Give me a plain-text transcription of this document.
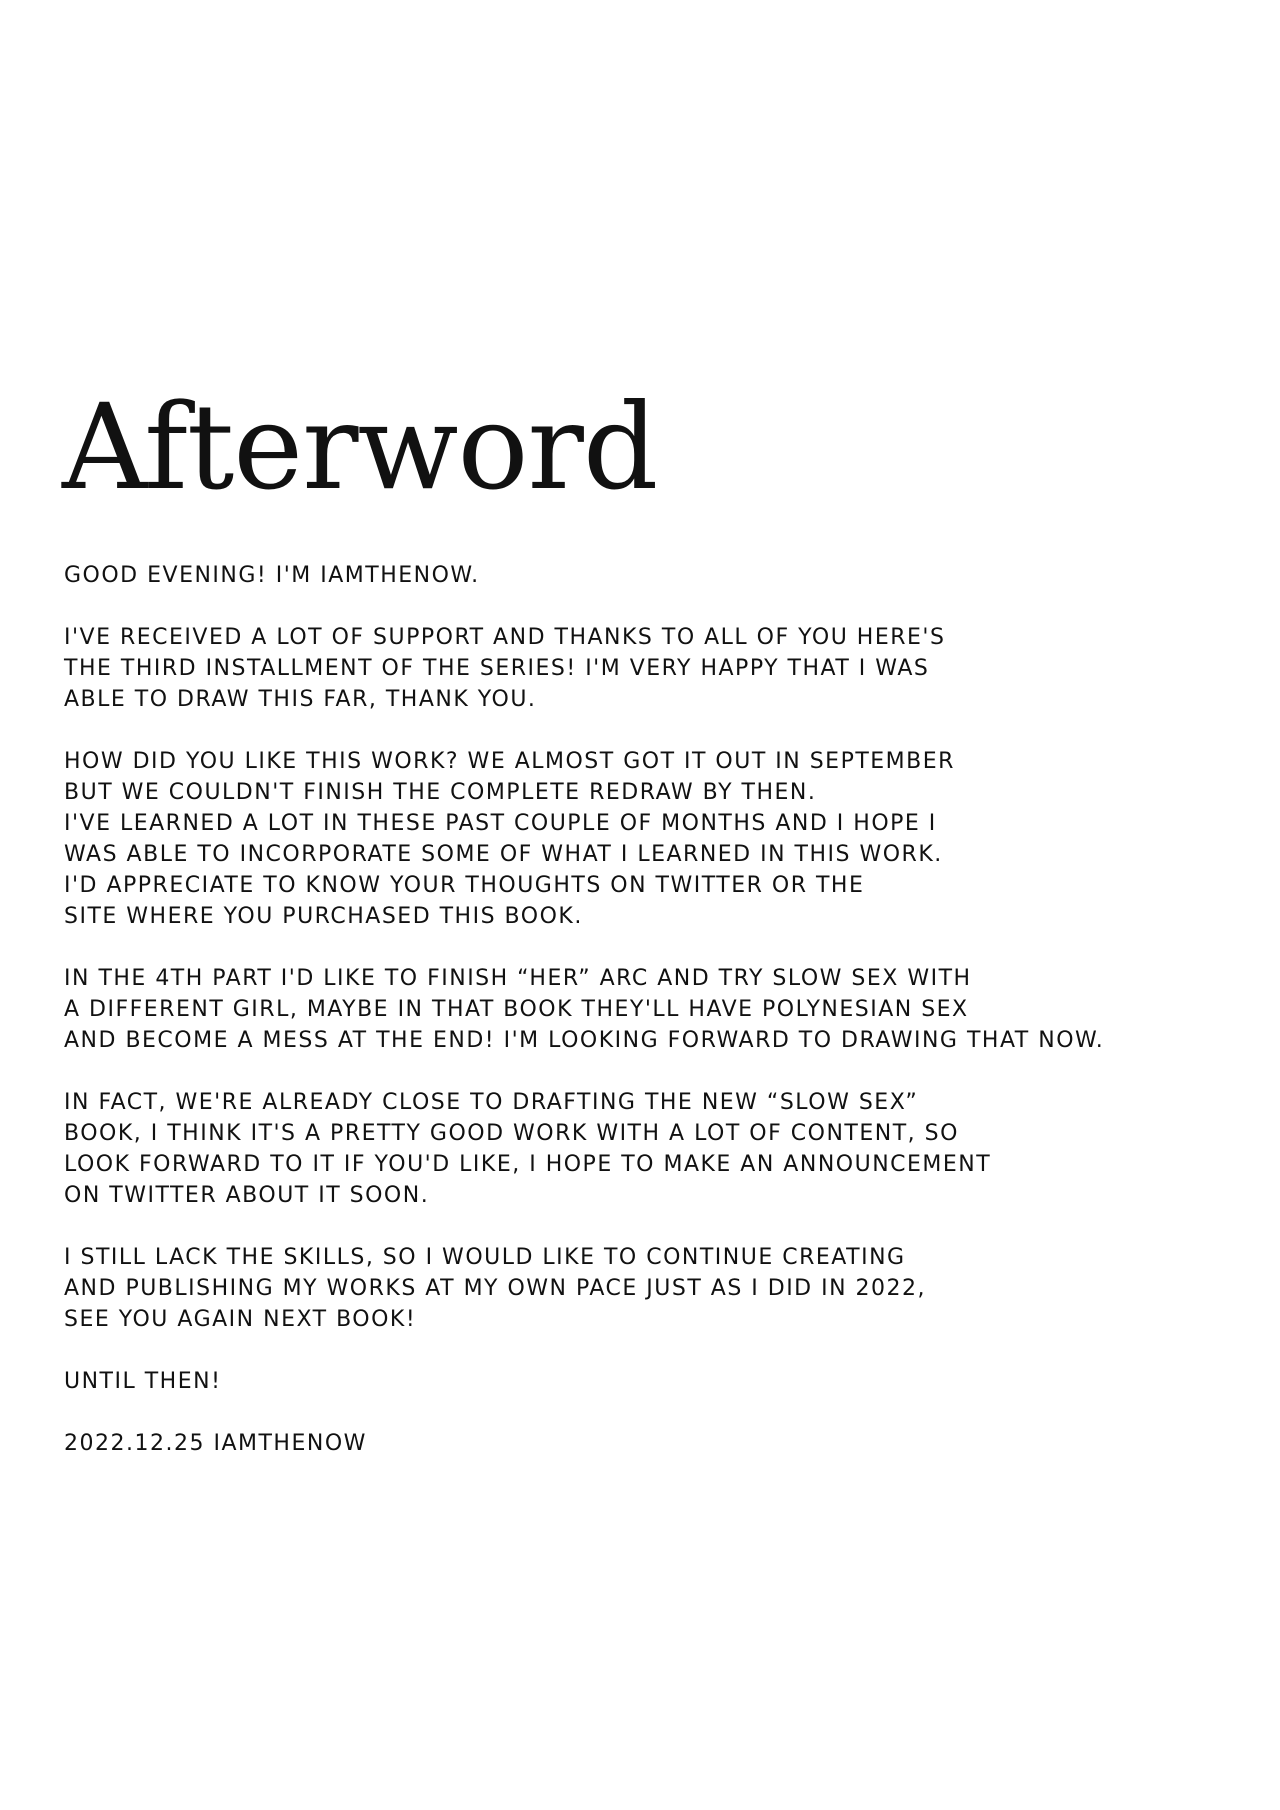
Afterword

GOOD EVENING! I'M IAMTHENOW.

I'VE RECEIVED A LOT OF SUPPORT AND THANKS TO ALL OF YOU HERE'S
THE THIRD INSTALLMENT OF THE SERIES! I'M VERY HAPPY THAT I WAS
ABLE TO DRAW THIS FAR, THANK YOU.

HOW DID YOU LIKE THIS WORK? WE ALMOST GOT IT OUT IN SEPTEMBER
BUT WE COULDN'T FINISH THE COMPLETE REDRAW BY THEN.
I'VE LEARNED A LOT IN THESE PAST COUPLE OF MONTHS AND I HOPE I
WAS ABLE TO INCORPORATE SOME OF WHAT I LEARNED IN THIS WORK.
I'D APPRECIATE TO KNOW YOUR THOUGHTS ON TWITTER OR THE
SITE WHERE YOU PURCHASED THIS BOOK.

IN THE 4TH PART I'D LIKE TO FINISH “HER” ARC AND TRY SLOW SEX WITH
A DIFFERENT GIRL, MAYBE IN THAT BOOK THEY'LL HAVE POLYNESIAN SEX
AND BECOME A MESS AT THE END! I'M LOOKING FORWARD TO DRAWING THAT NOW.

IN FACT, WE'RE ALREADY CLOSE TO DRAFTING THE NEW “SLOW SEX”
BOOK, I THINK IT'S A PRETTY GOOD WORK WITH A LOT OF CONTENT, SO
LOOK FORWARD TO IT IF YOU'D LIKE, I HOPE TO MAKE AN ANNOUNCEMENT
ON TWITTER ABOUT IT SOON.

I STILL LACK THE SKILLS, SO I WOULD LIKE TO CONTINUE CREATING
AND PUBLISHING MY WORKS AT MY OWN PACE JUST AS I DID IN 2022,
SEE YOU AGAIN NEXT BOOK!

UNTIL THEN!

2022.12.25 IAMTHENOW
